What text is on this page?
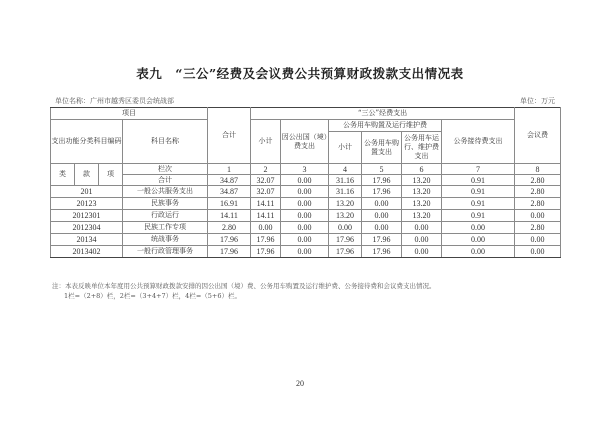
表九　“三公”经费及会议费公共预算财政拨款支出情况表
单位名称：广州市越秀区委员会统战部	单位：万元
项目				合计	“三公”经费支出						会议费
支出功能分类科目编码			科目名称		小计	因公出国（境）费支出	公务用车购置及运行维护费			公务接待费支出	
							小计	公务用车购置支出	公务用车运行、维护费支出		
类	款	项	栏次	1	2	3	4	5	6	7	8
			合计	34.87	32.07	0.00	31.16	17.96	13.20	0.91	2.80
201			一般公共服务支出	34.87	32.07	0.00	31.16	17.96	13.20	0.91	2.80
20123			民族事务	16.91	14.11	0.00	13.20	0.00	13.20	0.91	2.80
2012301			行政运行	14.11	14.11	0.00	13.20	0.00	13.20	0.91	0.00
2012304			民族工作专项	2.80	0.00	0.00	0.00	0.00	0.00	0.00	2.80
20134			统战事务	17.96	17.96	0.00	17.96	17.96	0.00	0.00	0.00
2013402			一般行政管理事务	17.96	17.96	0.00	17.96	17.96	0.00	0.00	0.00
注：本表反映单位本年度用公共预算财政拨款安排的因公出国（境）费、公务用车购置及运行维护费、公务接待费和会议费支出情况。
1栏=（2+8）栏，2栏=（3+4+7）栏，4栏=（5+6）栏。
20
